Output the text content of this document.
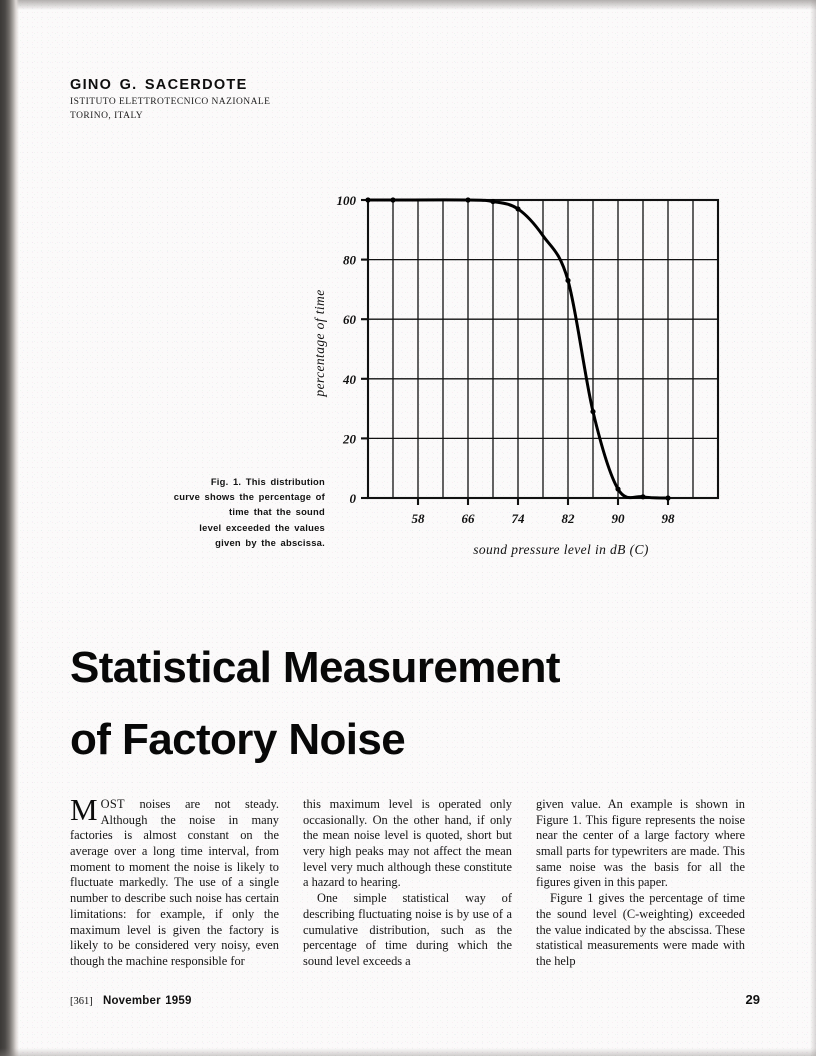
GINO G. SACERDOTE
ISTITUTO ELETTROTECNICO NAZIONALE
TORINO, ITALY
58	66	74	82	90	98
0
20
40
60
80
100
sound pressure level in dB (C)
percentage of time
Fig. 1. This distribution
curve shows the percentage of
time that the sound
level exceeded the values
given by the abscissa.
Statistical Measurement
of Factory Noise

MOST noises are not steady. Although the noise in many factories is almost constant on the average over a long time interval, from moment to moment the noise is likely to fluctuate markedly. The use of a single number to describe such noise has certain limitations: for example, if only the maximum level is given the factory is likely to be considered very noisy, even though the machine responsible for

this maximum level is operated only occasionally. On the other hand, if only the mean noise level is quoted, short but very high peaks may not affect the mean level very much although these constitute a hazard to hearing.

One simple statistical way of describing fluctuating noise is by use of a cumulative distribution, such as the percentage of time during which the sound level exceeds a

given value. An example is shown in Figure 1. This figure represents the noise near the center of a large factory where small parts for typewriters are made. This same noise was the basis for all the figures given in this paper.

Figure 1 gives the percentage of time the sound level (C-weighting) exceeded the value indicated by the abscissa. These statistical measurements were made with the help

[361] November 1959	29
